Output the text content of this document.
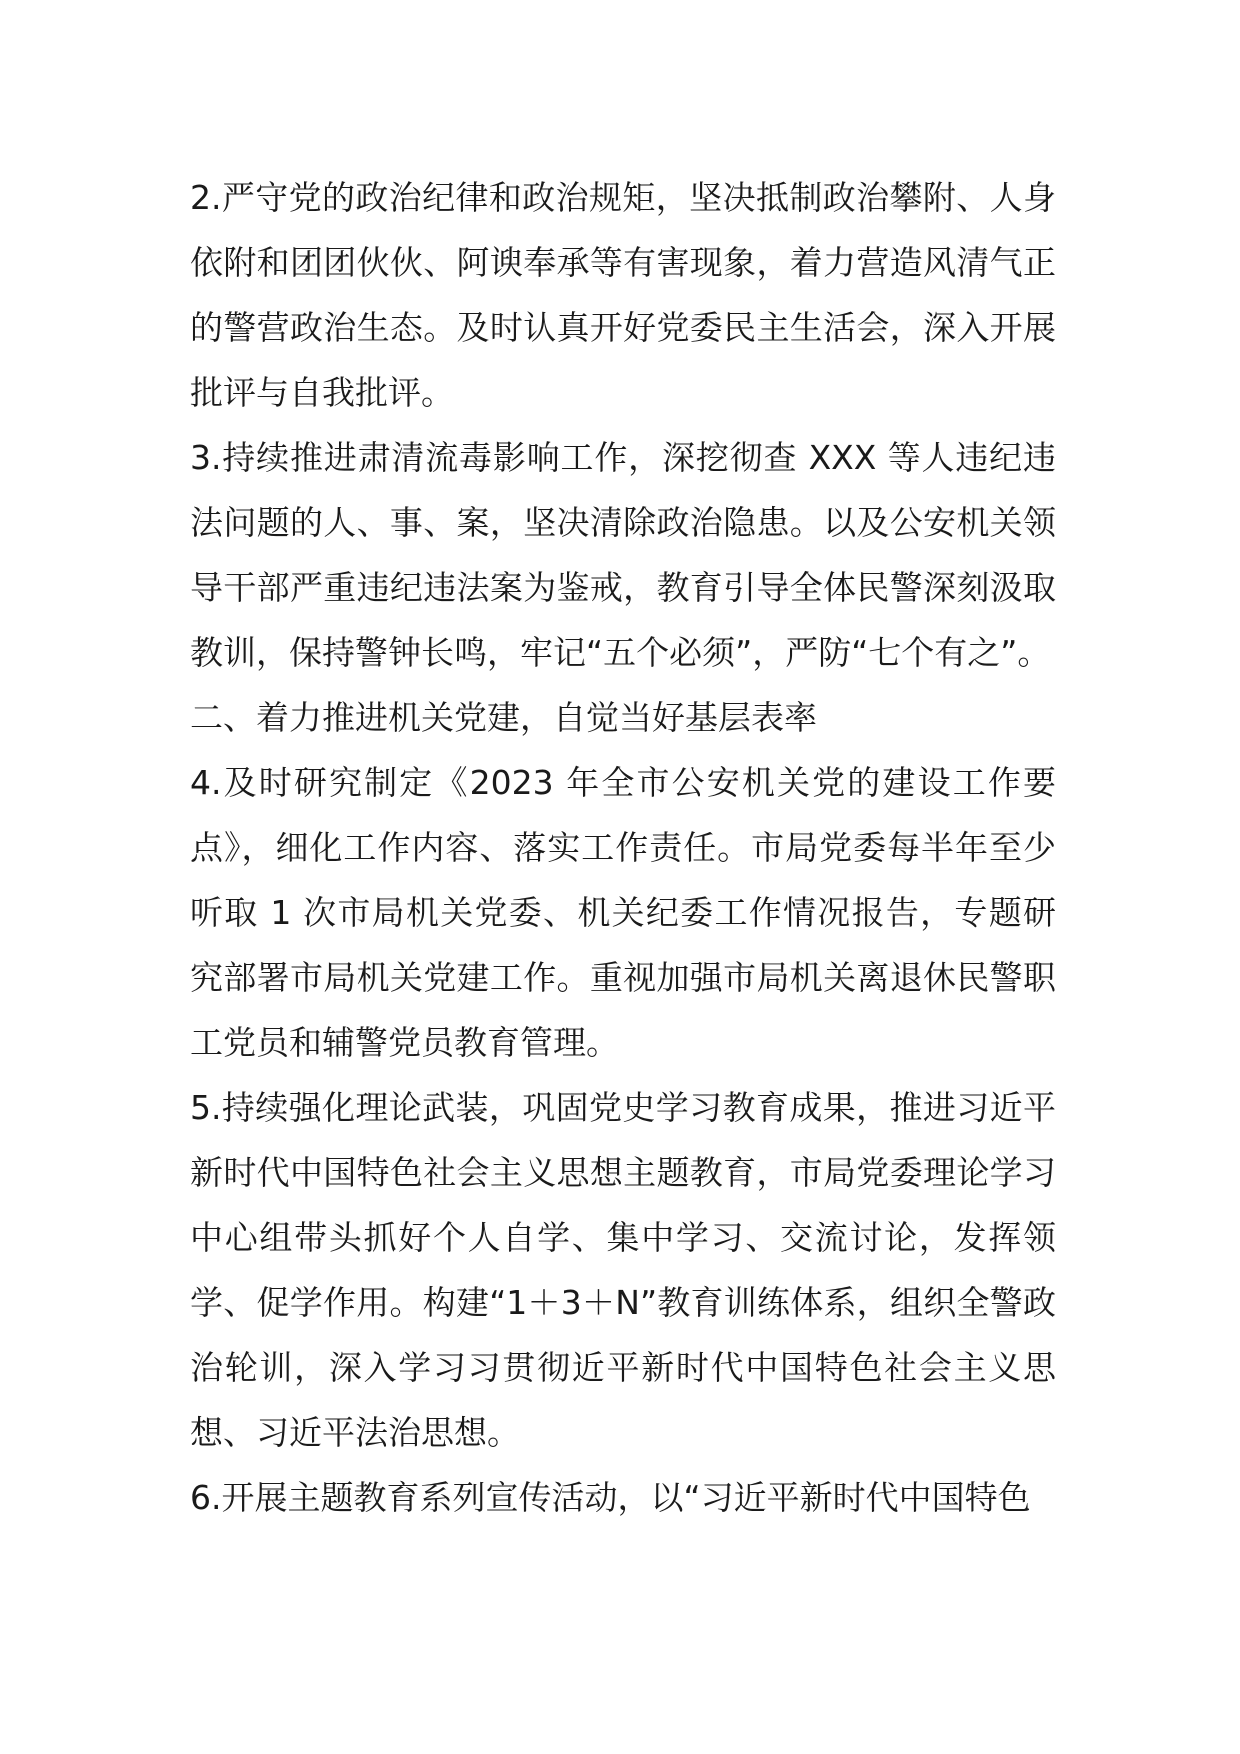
2.严守党的政治纪律和政治规矩，坚决抵制政治攀附、人身依附和团团伙伙、阿谀奉承等有害现象，着力营造风清气正的警营政治生态。及时认真开好党委民主生活会，深入开展批评与自我批评。

3.持续推进肃清流毒影响工作，深挖彻查 XXX 等人违纪违法问题的人、事、案，坚决清除政治隐患。以及公安机关领导干部严重违纪违法案为鉴戒，教育引导全体民警深刻汲取教训，保持警钟长鸣，牢记“五个必须”，严防“七个有之”。

二、着力推进机关党建，自觉当好基层表率

4.及时研究制定《2023 年全市公安机关党的建设工作要点》，细化工作内容、落实工作责任。市局党委每半年至少听取 1 次市局机关党委、机关纪委工作情况报告，专题研究部署市局机关党建工作。重视加强市局机关离退休民警职工党员和辅警党员教育管理。

5.持续强化理论武装，巩固党史学习教育成果，推进习近平新时代中国特色社会主义思想主题教育，市局党委理论学习中心组带头抓好个人自学、集中学习、交流讨论，发挥领学、促学作用。构建“1＋3＋N”教育训练体系，组织全警政治轮训，深入学习习贯彻近平新时代中国特色社会主义思想、习近平法治思想。

6.开展主题教育系列宣传活动，以“习近平新时代中国特色
